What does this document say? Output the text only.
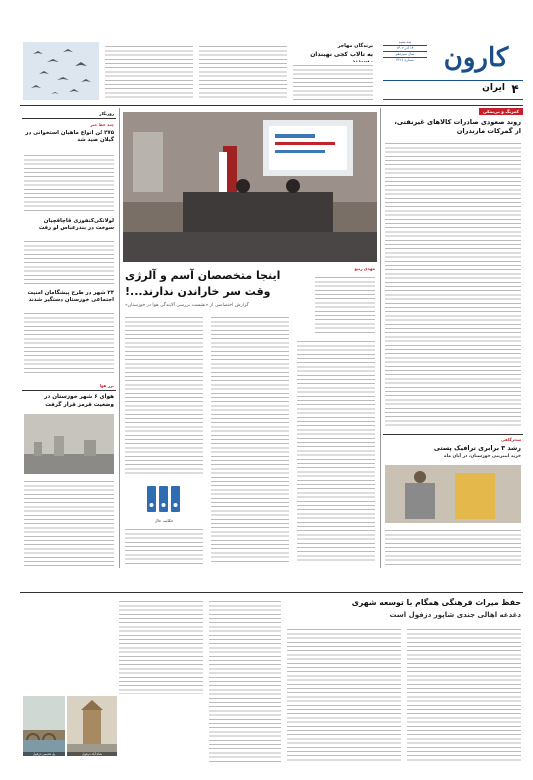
سه شنبه
۱۴ آذر ۱۴۰۲
سال سیزدهم
شماره ۳۶۱۶	کارون
ایران ۴
پرندگان مهاجر
به تالاب کجی نهبندان
کمرنگ و بی‌نمکی
روند صعودی صادرات کالاهای غیرنفتی، از گمرکات مازندران
سحرگاهی
رشد ۳ برابری ترافیک پستی
خرید اینترنتی خوزستان، در آبان ماه
مهدی ربیع
اینجا متخصصان آسم و آلرژی
وقت سر خاراندن ندارند...!
گزارش اختصاصی از «نشست بررسی آلایندگی هوا در خوزستان»
حکایت حال
روزنگار
چند خط خبر
۲۷۵ تُن انواع ماهیان استخوانی در گیلان صید شد
لولاتکی‌کنفوزی قاچاقچیان سوخت در بندرعباس لو رفت
۲۴ شهر در طرح پیشگامان امنیت اجتماعی خوزستان دستگیر شدند
برر هوا
هوای ۶ شهر خوزستان در وضعیت قرمز قرار گرفت
حفظ میراث فرهنگی همگام با توسعه شهری
دغدغه اهالی جندی شاپور دزفول است
شاه آباد دزفول
پل قدیمی دزفول
